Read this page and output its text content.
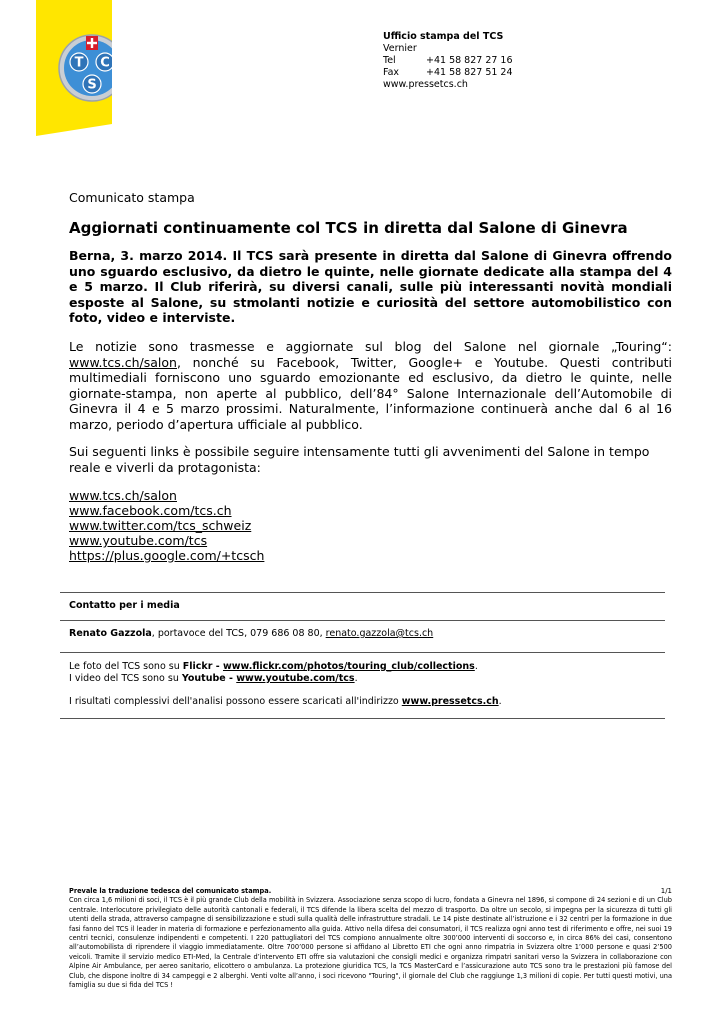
T C
S
Ufficio stampa del TCS
Vernier
Tel	+41 58 827 27 16
Fax	+41 58 827 51 24
www.pressetcs.ch
Comunicato stampa
Aggiornati continuamente col TCS in diretta dal Salone di Ginevra
Berna, 3. marzo 2014. Il TCS sarà presente in diretta dal Salone di Ginevra offrendo uno sguardo esclusivo, da dietro le quinte, nelle giornate dedicate alla stampa del 4 e 5 marzo. Il Club riferirà, su diversi canali, sulle più interessanti novità mondiali esposte al Salone, su stmolanti notizie e curiosità del settore automobilistico con foto, video e interviste.
Le notizie sono trasmesse e aggiornate sul blog del Salone nel giornale „Touring“: www.tcs.ch/salon, nonché su Facebook, Twitter, Google+ e Youtube. Questi contributi multimediali forniscono uno sguardo emozionante ed esclusivo, da dietro le quinte, nelle giornate-stampa, non aperte al pubblico, dell’84° Salone Internazionale dell’Automobile di Ginevra il 4 e 5 marzo prossimi. Naturalmente, l’informazione continuerà anche dal 6 al 16 marzo, periodo d’apertura ufficiale al pubblico.
Sui seguenti links è possibile seguire intensamente tutti gli avvenimenti del Salone in tempo reale e viverli da protagonista:
www.tcs.ch/salon
www.facebook.com/tcs.ch
www.twitter.com/tcs_schweiz
www.youtube.com/tcs
https://plus.google.com/+tcsch
Contatto per i media
Renato Gazzola, portavoce del TCS, 079 686 08 80, renato.gazzola@tcs.ch
Le foto del TCS sono su Flickr - www.flickr.com/photos/touring_club/collections.
I video del TCS sono su Youtube - www.youtube.com/tcs.
I risultati complessivi dell'analisi possono essere scaricati all'indirizzo www.pressetcs.ch.
1/1
Prevale la traduzione tedesca del comunicato stampa.
Con circa 1,6 milioni di soci, il TCS è il più grande Club della mobilità in Svizzera. Associazione senza scopo di lucro, fondata a Ginevra nel 1896, si compone di 24 sezioni e di un Club centrale. Interlocutore privilegiato delle autorità cantonali e federali, il TCS difende la libera scelta del mezzo di trasporto. Da oltre un secolo, si impegna per la sicurezza di tutti gli utenti della strada, attraverso campagne di sensibilizzazione e studi sulla qualità delle infrastrutture stradali. Le 14 piste destinate all’istruzione e i 32 centri per la formazione in due fasi fanno del TCS il leader in materia di formazione e perfezionamento alla guida. Attivo nella difesa dei consumatori, il TCS realizza ogni anno test di riferimento e offre, nei suoi 19 centri tecnici, consulenze indipendenti e competenti. I 220 pattugliatori del TCS compiono annualmente oltre 300’000 interventi di soccorso e, in circa 86% dei casi, consentono all’automobilista di riprendere il viaggio immediatamente. Oltre 700’000 persone si affidano al Libretto ETI che ogni anno rimpatria in Svizzera oltre 1’000 persone e quasi 2’500 veicoli. Tramite il servizio medico ETI-Med, la Centrale d’intervento ETI offre sia valutazioni che consigli medici e organizza rimpatri sanitari verso la Svizzera in collaborazione con Alpine Air Ambulance, per aereo sanitario, elicottero o ambulanza. La protezione giuridica TCS, la TCS MasterCard e l’assicurazione auto TCS sono tra le prestazioni più famose del Club, che dispone inoltre di 34 campeggi e 2 alberghi. Venti volte all’anno, i soci ricevono "Touring", il giornale del Club che raggiunge 1,3 milioni di copie. Per tutti questi motivi, una famiglia su due si fida del TCS !
